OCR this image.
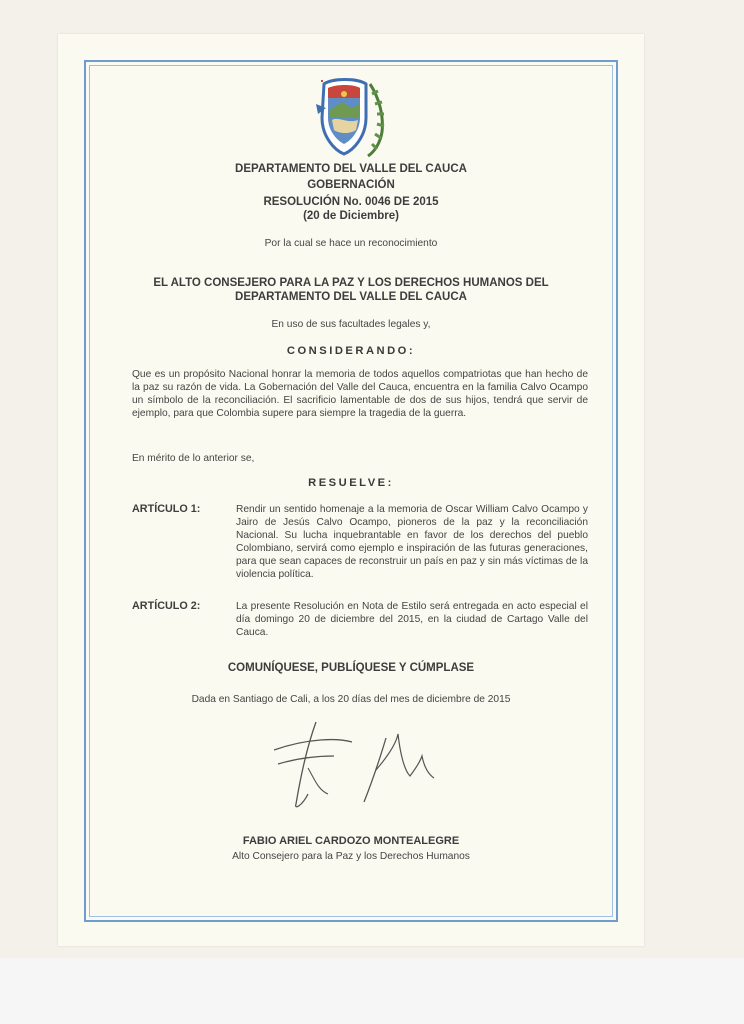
DEPARTAMENTO DEL VALLE DEL CAUCA
GOBERNACIÓN
RESOLUCIÓN No. 0046 DE 2015
(20 de Diciembre)
Por la cual se hace un reconocimiento
EL ALTO CONSEJERO PARA LA PAZ Y LOS DERECHOS HUMANOS DEL
DEPARTAMENTO DEL VALLE DEL CAUCA
En uso de sus facultades legales y,
CONSIDERANDO:
Que es un propósito Nacional honrar la memoria de todos aquellos compatriotas que han hecho de la paz su razón de vida. La Gobernación del Valle del Cauca, encuentra en la familia Calvo Ocampo un símbolo de la reconciliación. El sacrificio lamentable de dos de sus hijos, tendrá que servir de ejemplo, para que Colombia supere para siempre la tragedia de la guerra.
En mérito de lo anterior se,
RESUELVE:
ARTÍCULO 1:	Rendir un sentido homenaje a la memoria de Oscar William Calvo Ocampo y Jairo de Jesús Calvo Ocampo, pioneros de la paz y la reconciliación Nacional. Su lucha inquebrantable en favor de los derechos del pueblo Colombiano, servirá como ejemplo e inspiración de las futuras generaciones, para que sean capaces de reconstruir un país en paz y sin más víctimas de la violencia política.
ARTÍCULO 2:	La presente Resolución en Nota de Estilo será entregada en acto especial el día domingo 20 de diciembre del 2015, en la ciudad de Cartago Valle del Cauca.
COMUNÍQUESE, PUBLÍQUESE Y CÚMPLASE
Dada en Santiago de Cali, a los 20 días del mes de diciembre de 2015
FABIO ARIEL CARDOZO MONTEALEGRE
Alto Consejero para la Paz y los Derechos Humanos
